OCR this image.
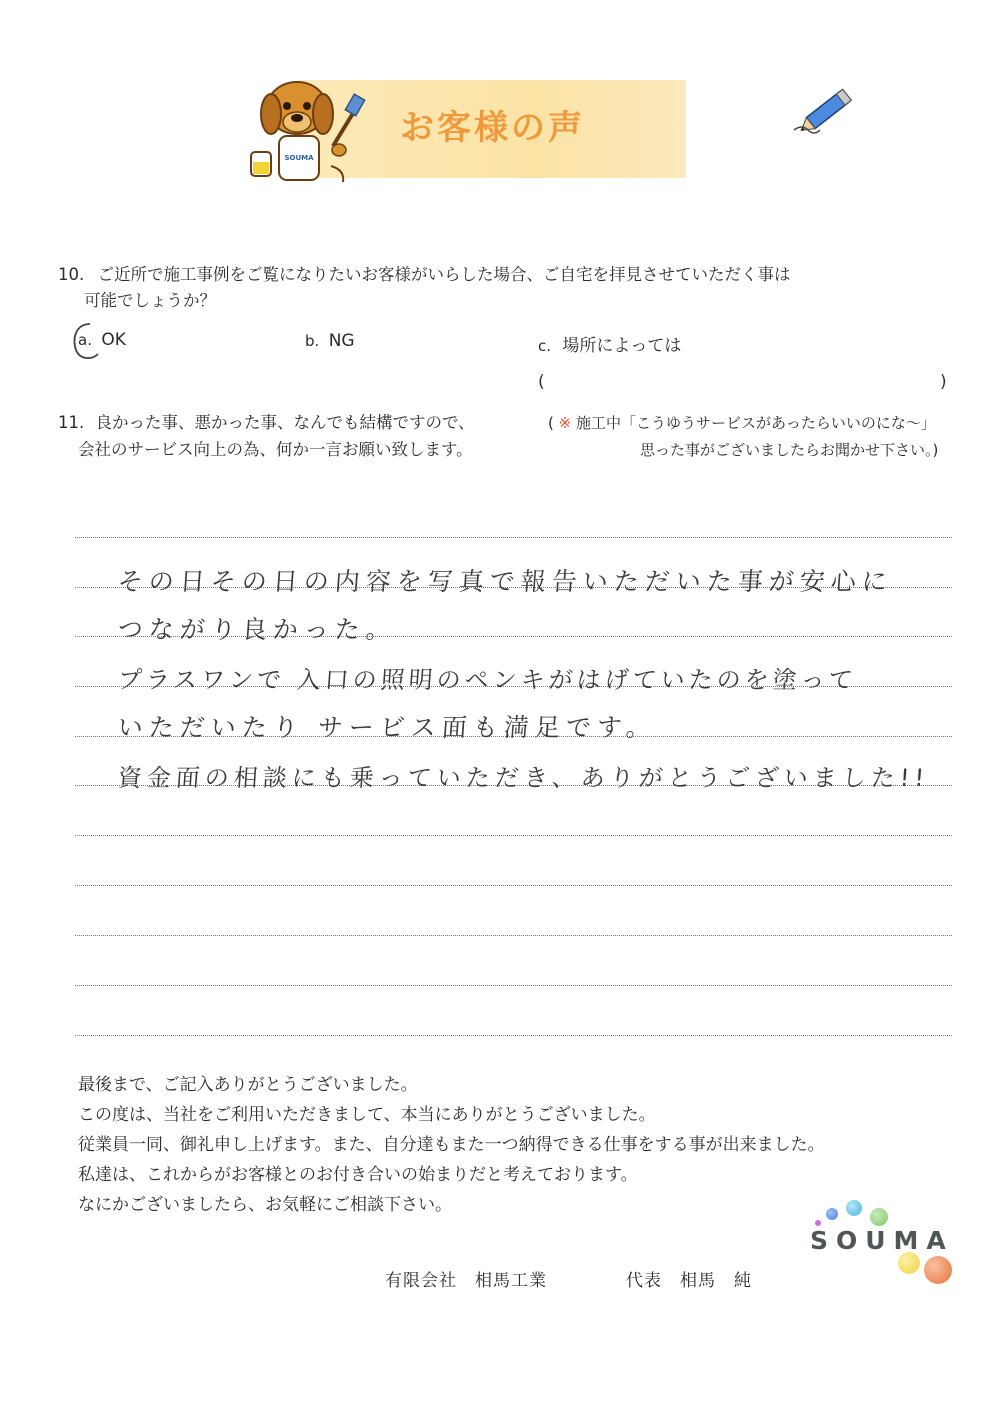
お客様の声
SOUMA
10. ご近所で施工事例をご覧になりたいお客様がいらした場合、ご自宅を拝見させていただく事は
可能でしょうか？
a. OK	b. NG	c. 場所によっては
(	)
11. 良かった事、悪かった事、なんでも結構ですので、
会社のサービス向上の為、何か一言お願い致します。
( ※ 施工中「こうゆうサービスがあったらいいのにな～」
思った事がございましたらお聞かせ下さい。)
その日その日の内容を写真で報告いただいた事が安心に
つながり良かった。
プラスワンで 入口の照明のペンキがはげていたのを塗って
いただいたり サービス面も満足です。
資金面の相談にも乗っていただき、ありがとうございました!!
最後まで、ご記入ありがとうございました。
この度は、当社をご利用いただきまして、本当にありがとうございました。
従業員一同、御礼申し上げます。また、自分達もまた一つ納得できる仕事をする事が出来ました。
私達は、これからがお客様とのお付き合いの始まりだと考えております。
なにかございましたら、お気軽にご相談下さい。
有限会社　相馬工業	代表　相馬　純
SOUMA
